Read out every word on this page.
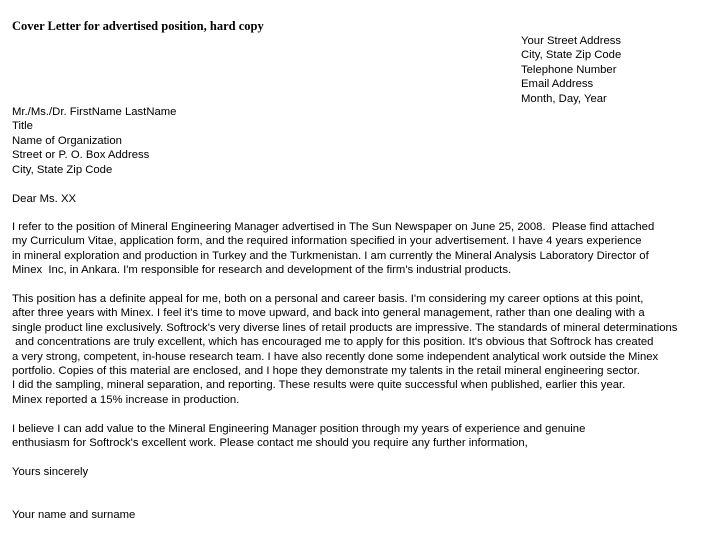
Cover Letter for advertised position, hard copy
Your Street Address
City, State Zip Code
Telephone Number
Email Address
Month, Day, Year
Mr./Ms./Dr. FirstName LastName
Title
Name of Organization
Street or P. O. Box Address
City, State Zip Code
Dear Ms. XX
I refer to the position of Mineral Engineering Manager advertised in The Sun Newspaper on June 25, 2008.  Please find attached
my Curriculum Vitae, application form, and the required information specified in your advertisement. I have 4 years experience
in mineral exploration and production in Turkey and the Turkmenistan. I am currently the Mineral Analysis Laboratory Director of
Minex  Inc, in Ankara. I'm responsible for research and development of the firm's industrial products.
This position has a definite appeal for me, both on a personal and career basis. I'm considering my career options at this point,
after three years with Minex. I feel it's time to move upward, and back into general management, rather than one dealing with a
single product line exclusively. Softrock's very diverse lines of retail products are impressive. The standards of mineral determinations
and concentrations are truly excellent, which has encouraged me to apply for this position. It's obvious that Softrock has created
a very strong, competent, in-house research team. I have also recently done some independent analytical work outside the Minex
portfolio. Copies of this material are enclosed, and I hope they demonstrate my talents in the retail mineral engineering sector.
I did the sampling, mineral separation, and reporting. These results were quite successful when published, earlier this year.
Minex reported a 15% increase in production.
I believe I can add value to the Mineral Engineering Manager position through my years of experience and genuine
enthusiasm for Softrock's excellent work. Please contact me should you require any further information,
Yours sincerely
Your name and surname
